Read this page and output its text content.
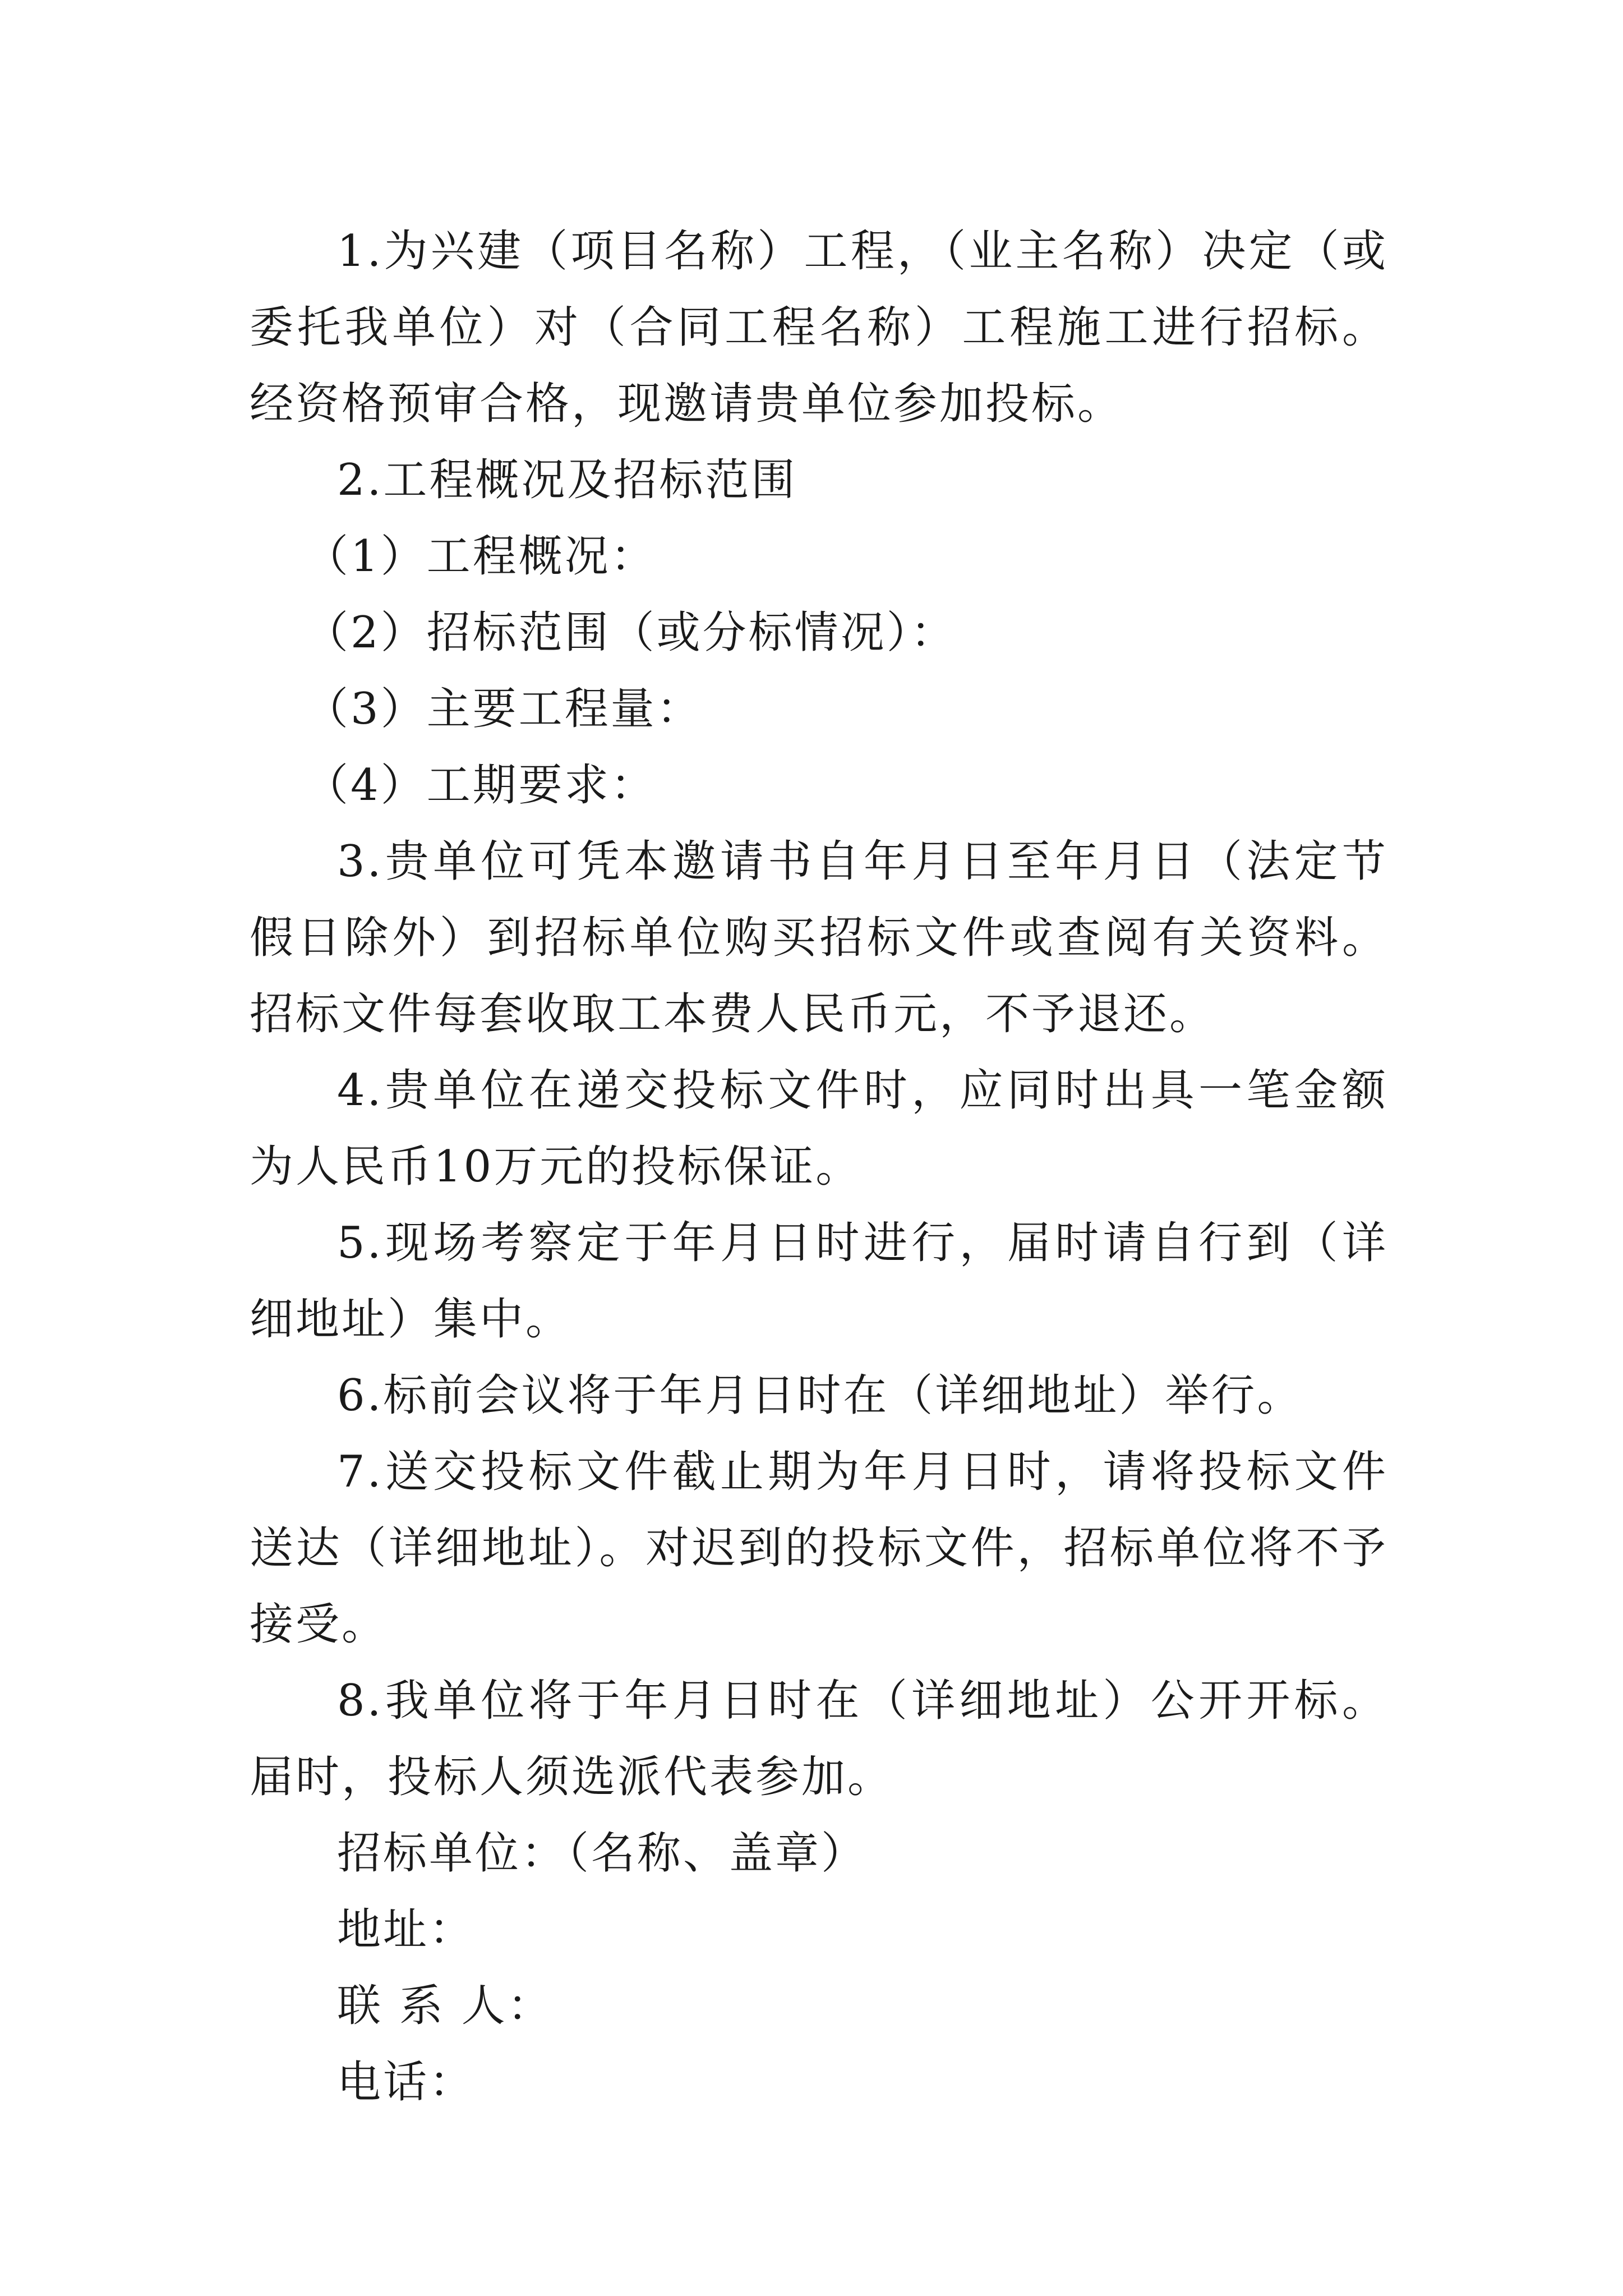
1.为兴建（项目名称）工程，（业主名称）决定（或委托我单位）对（合同工程名称）工程施工进行招标。经资格预审合格，现邀请贵单位参加投标。

2.工程概况及招标范围

（1）工程概况：

（2）招标范围（或分标情况）：

（3）主要工程量：

（4）工期要求：

3.贵单位可凭本邀请书自年月日至年月日（法定节假日除外）到招标单位购买招标文件或查阅有关资料。招标文件每套收取工本费人民币元，不予退还。

4.贵单位在递交投标文件时，应同时出具一笔金额为人民币10万元的投标保证。

5.现场考察定于年月日时进行，届时请自行到（详细地址）集中。

6.标前会议将于年月日时在（详细地址）举行。

7.送交投标文件截止期为年月日时，请将投标文件送达（详细地址）。对迟到的投标文件，招标单位将不予接受。

8.我单位将于年月日时在（详细地址）公开开标。届时，投标人须选派代表参加。

招标单位：（名称、盖章）

地址：

联 系 人：

电话：
